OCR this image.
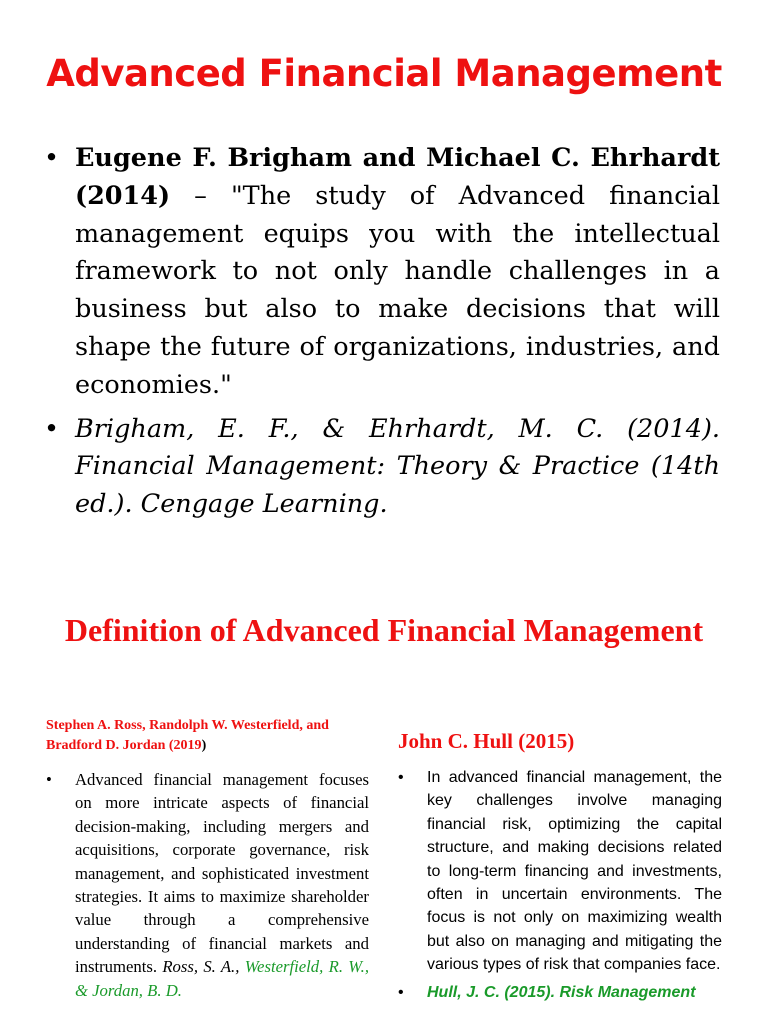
Advanced Financial Management

• Eugene F. Brigham and Michael C. Ehrhardt (2014) – "The study of Advanced financial management equips you with the intellectual framework to not only handle challenges in a business but also to make decisions that will shape the future of organizations, industries, and economies."

• Brigham, E. F., & Ehrhardt, M. C. (2014). Financial Management: Theory & Practice (14th ed.). Cengage Learning.

Definition of Advanced Financial Management

Stephen A. Ross, Randolph W. Westerfield, and Bradford D. Jordan (2019)

• Advanced financial management focuses on more intricate aspects of financial decision-making, including mergers and acquisitions, corporate governance, risk management, and sophisticated investment strategies. It aims to maximize shareholder value through a comprehensive understanding of financial markets and instruments. Ross, S. A., Westerfield, R. W., & Jordan, B. D.

John C. Hull (2015)

• In advanced financial management, the key challenges involve managing financial risk, optimizing the capital structure, and making decisions related to long-term financing and investments, often in uncertain environments. The focus is not only on maximizing wealth but also on managing and mitigating the various types of risk that companies face.

• Hull, J. C. (2015). Risk Management
